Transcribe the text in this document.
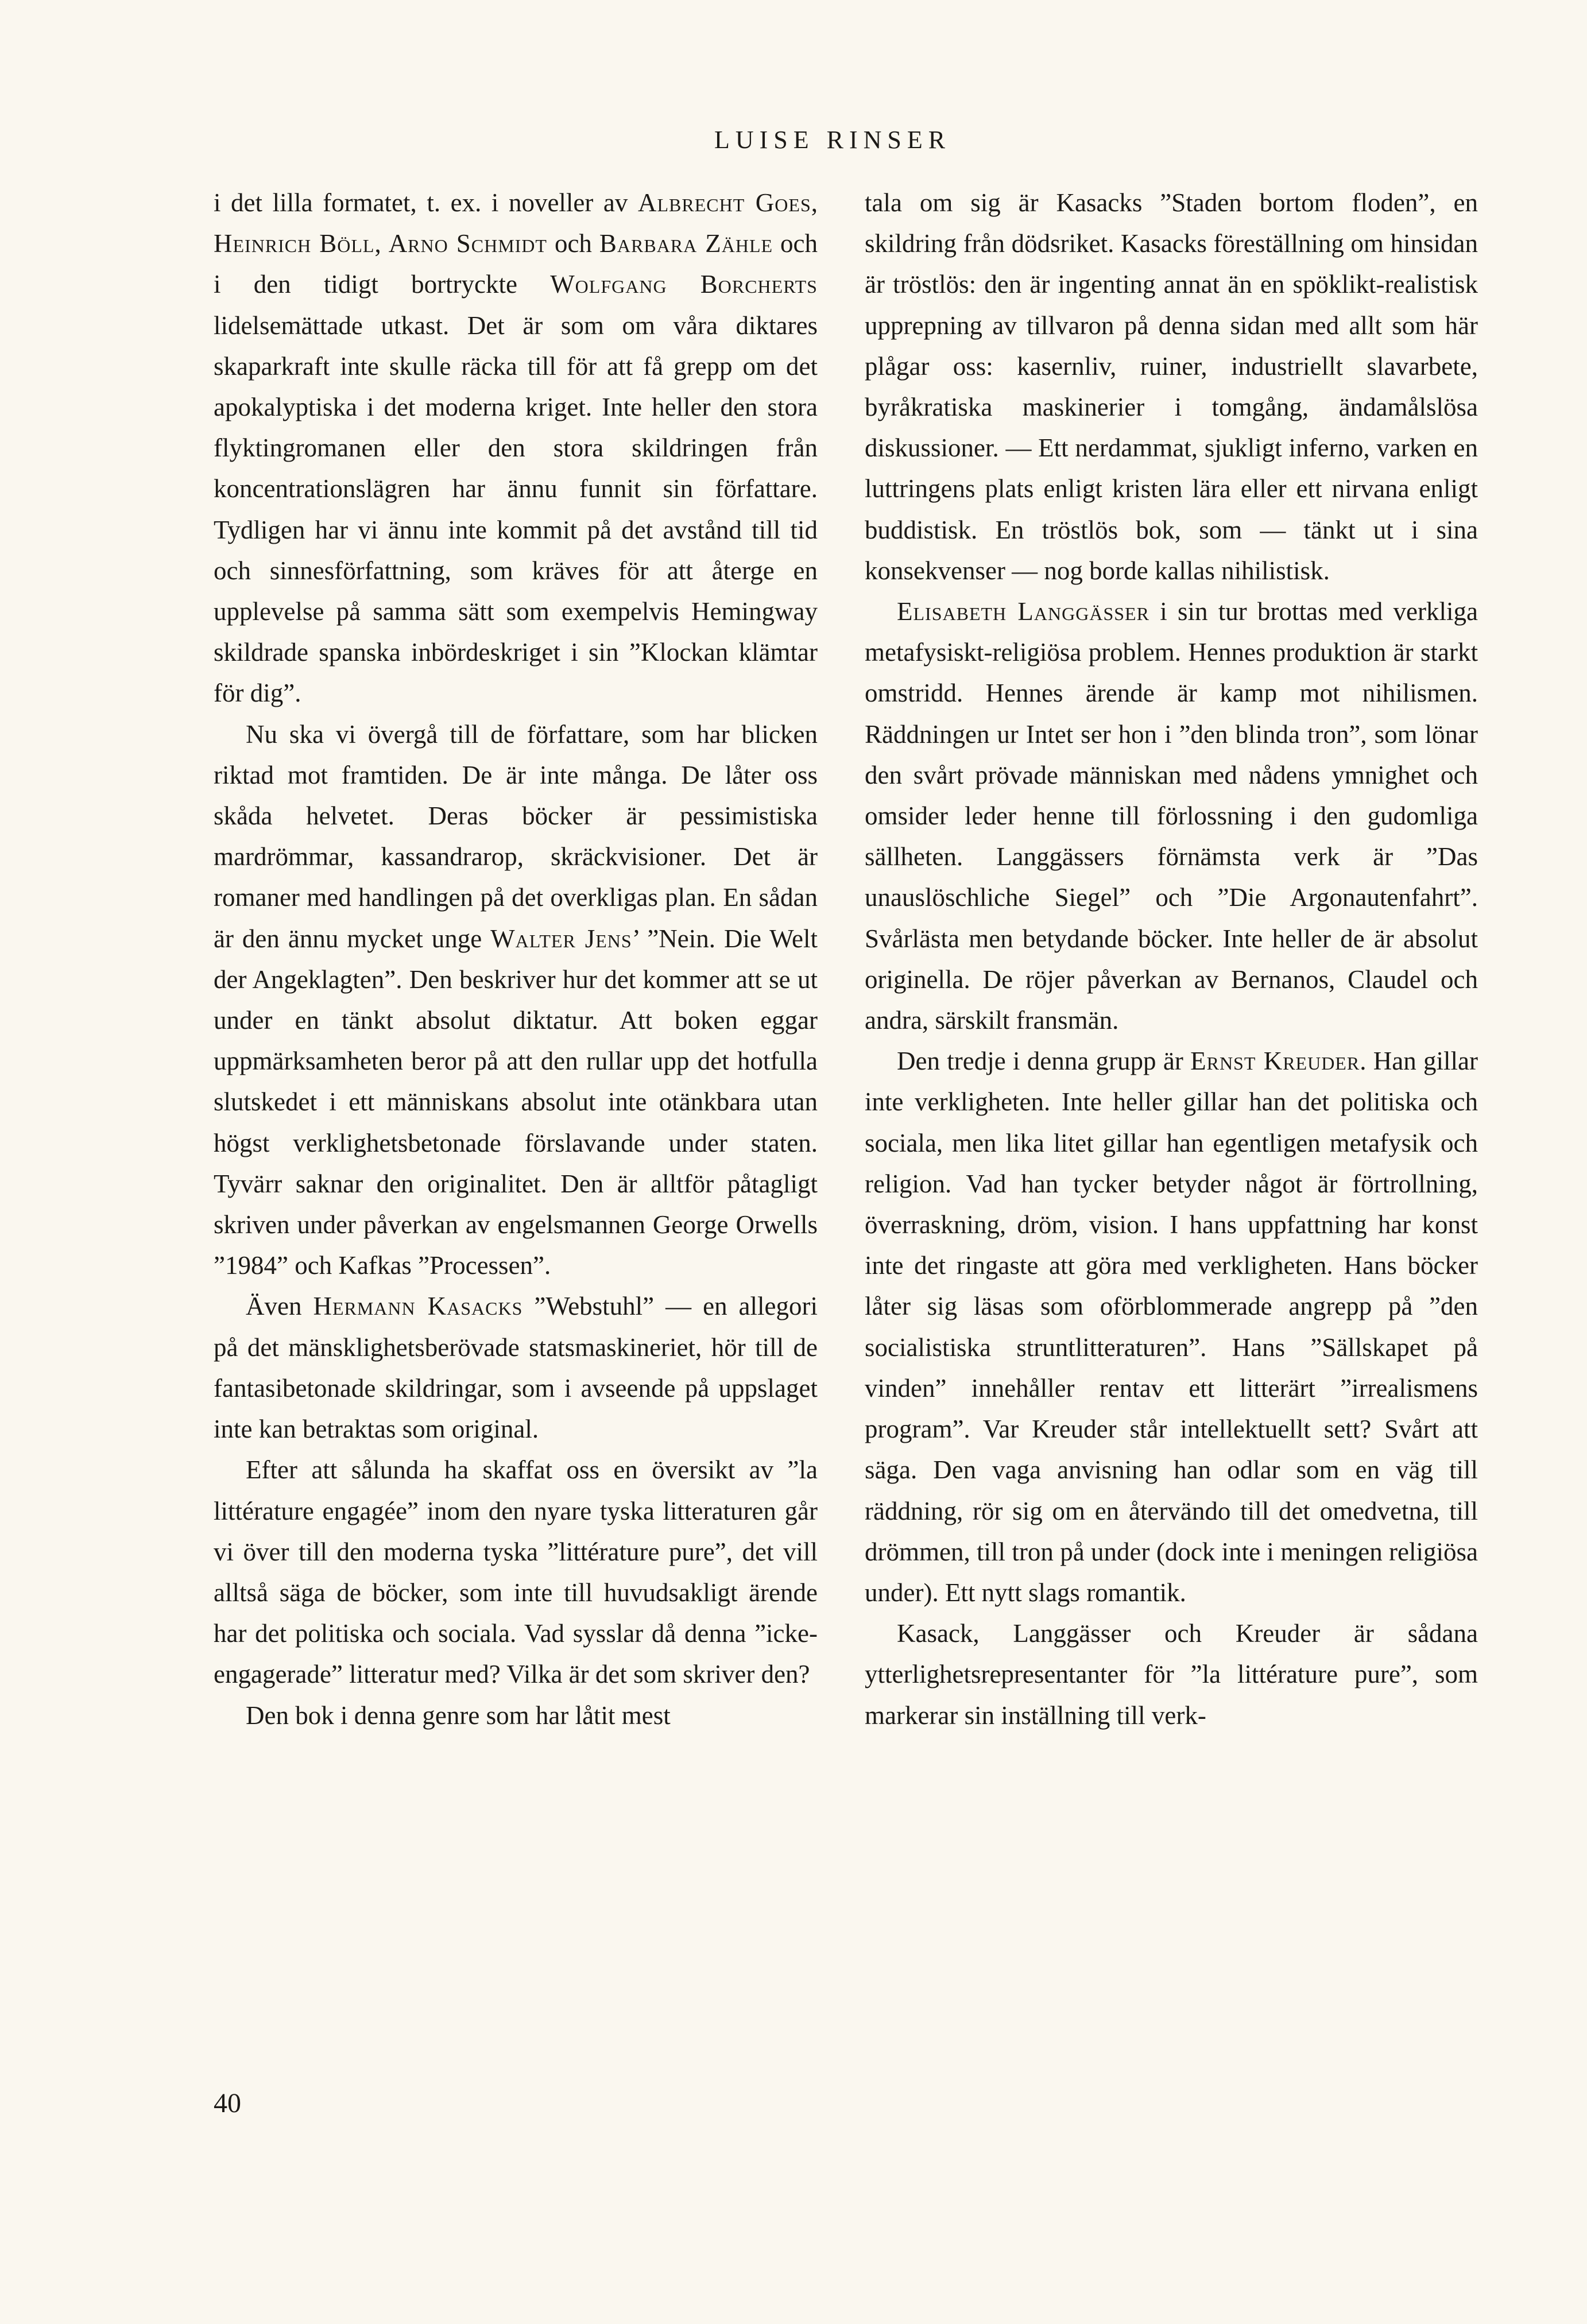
LUISE RINSER

i det lilla formatet, t. ex. i noveller av Albrecht Goes, Heinrich Böll, Arno Schmidt och Barbara Zähle och i den tidigt bortryckte Wolfgang Borcherts lidelsemättade utkast. Det är som om våra diktares skaparkraft inte skulle räcka till för att få grepp om det apokalyptiska i det moderna kriget. Inte heller den stora flyktingromanen eller den stora skildringen från koncentrationslägren har ännu funnit sin författare. Tydligen har vi ännu inte kommit på det avstånd till tid och sinnesförfattning, som kräves för att återge en upplevelse på samma sätt som exempelvis Hemingway skildrade spanska inbördeskriget i sin ”Klockan klämtar för dig”.

Nu ska vi övergå till de författare, som har blicken riktad mot framtiden. De är inte många. De låter oss skåda helvetet. Deras böcker är pessimistiska mardrömmar, kassandrarop, skräckvisioner. Det är romaner med handlingen på det overkligas plan. En sådan är den ännu mycket unge Walter Jens’ ”Nein. Die Welt der Angeklagten”. Den beskriver hur det kommer att se ut under en tänkt absolut diktatur. Att boken eggar uppmärksamheten beror på att den rullar upp det hotfulla slutskedet i ett människans absolut inte otänkbara utan högst verklighetsbetonade förslavande under staten. Tyvärr saknar den originalitet. Den är alltför påtagligt skriven under påverkan av engelsmannen George Orwells ”1984” och Kafkas ”Processen”.

Även Hermann Kasacks ”Webstuhl” — en allegori på det mänsklighetsberövade statsmaskineriet, hör till de fantasibetonade skildringar, som i avseende på uppslaget inte kan betraktas som original.

Efter att sålunda ha skaffat oss en översikt av ”la littérature engagée” inom den nyare tyska litteraturen går vi över till den moderna tyska ”littérature pure”, det vill alltså säga de böcker, som inte till huvudsakligt ärende har det politiska och sociala. Vad sysslar då denna ”icke-engagerade” litteratur med? Vilka är det som skriver den?

Den bok i denna genre som har låtit mest

tala om sig är Kasacks ”Staden bortom floden”, en skildring från dödsriket. Kasacks föreställning om hinsidan är tröstlös: den är ingenting annat än en spöklikt-realistisk upprepning av tillvaron på denna sidan med allt som här plågar oss: kasernliv, ruiner, industriellt slavarbete, byråkratiska maskinerier i tomgång, ändamålslösa diskussioner. — Ett nerdammat, sjukligt inferno, varken en luttringens plats enligt kristen lära eller ett nirvana enligt buddistisk. En tröstlös bok, som — tänkt ut i sina konsekvenser — nog borde kallas nihilistisk.

Elisabeth Langgässer i sin tur brottas med verkliga metafysiskt-religiösa problem. Hennes produktion är starkt omstridd. Hennes ärende är kamp mot nihilismen. Räddningen ur Intet ser hon i ”den blinda tron”, som lönar den svårt prövade människan med nådens ymnighet och omsider leder henne till förlossning i den gudomliga sällheten. Langgässers förnämsta verk är ”Das unauslöschliche Siegel” och ”Die Argonautenfahrt”. Svårlästa men betydande böcker. Inte heller de är absolut originella. De röjer påverkan av Bernanos, Claudel och andra, särskilt fransmän.

Den tredje i denna grupp är Ernst Kreuder. Han gillar inte verkligheten. Inte heller gillar han det politiska och sociala, men lika litet gillar han egentligen metafysik och religion. Vad han tycker betyder något är förtrollning, överraskning, dröm, vision. I hans uppfattning har konst inte det ringaste att göra med verkligheten. Hans böcker låter sig läsas som oförblommerade angrepp på ”den socialistiska struntlitteraturen”. Hans ”Sällskapet på vinden” innehåller rentav ett litterärt ”irrealismens program”. Var Kreuder står intellektuellt sett? Svårt att säga. Den vaga anvisning han odlar som en väg till räddning, rör sig om en återvändo till det omedvetna, till drömmen, till tron på under (dock inte i meningen religiösa under). Ett nytt slags romantik.

Kasack, Langgässer och Kreuder är sådana ytterlighetsrepresentanter för ”la littérature pure”, som markerar sin inställning till verk-

40
